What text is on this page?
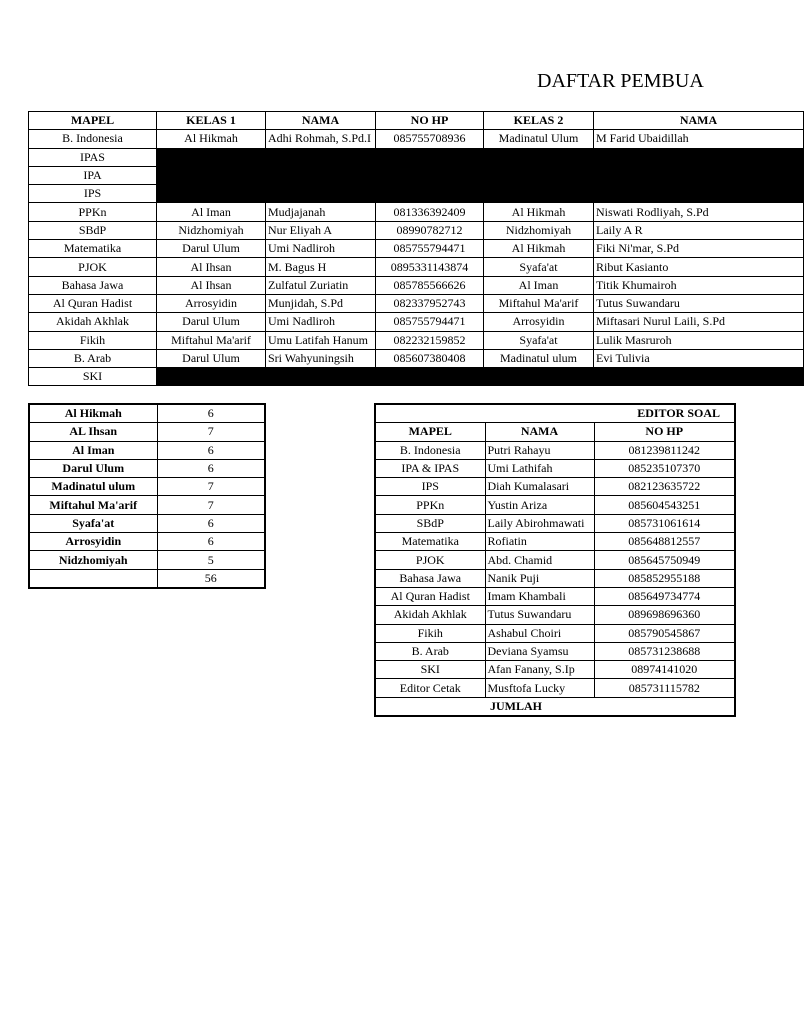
DAFTAR PEMBUA
MAPEL	KELAS 1	NAMA	NO HP	KELAS 2	NAMA
B. Indonesia	Al Hikmah	Adhi Rohmah, S.Pd.I	085755708936	Madinatul Ulum	M Farid Ubaidillah
IPAS					
IPA					
IPS					
PPKn	Al Iman	Mudjajanah	081336392409	Al Hikmah	Niswati Rodliyah, S.Pd
SBdP	Nidzhomiyah	Nur Eliyah A	08990782712	Nidzhomiyah	Laily A R
Matematika	Darul Ulum	Umi Nadliroh	085755794471	Al Hikmah	Fiki Ni'mar, S.Pd
PJOK	Al Ihsan	M. Bagus H	0895331143874	Syafa'at	Ribut Kasianto
Bahasa Jawa	Al Ihsan	Zulfatul Zuriatin	085785566626	Al Iman	Titik Khumairoh
Al Quran Hadist	Arrosyidin	Munjidah, S.Pd	082337952743	Miftahul Ma'arif	Tutus Suwandaru
Akidah Akhlak	Darul Ulum	Umi Nadliroh	085755794471	Arrosyidin	Miftasari Nurul Laili, S.Pd
Fikih	Miftahul Ma'arif	Umu Latifah Hanum	082232159852	Syafa'at	Lulik Masruroh
B. Arab	Darul Ulum	Sri Wahyuningsih	085607380408	Madinatul ulum	Evi Tulivia
SKI					
Al Hikmah	6
AL Ihsan	7
Al Iman	6
Darul Ulum	6
Madinatul ulum	7
Miftahul Ma'arif	7
Syafa'at	6
Arrosyidin	6
Nidzhomiyah	5
	56
EDITOR SOAL		
MAPEL	NAMA	NO HP
B. Indonesia	Putri Rahayu	081239811242
IPA & IPAS	Umi Lathifah	085235107370
IPS	Diah Kumalasari	082123635722
PPKn	Yustin Ariza	085604543251
SBdP	Laily Abirohmawati	085731061614
Matematika	Rofiatin	085648812557
PJOK	Abd. Chamid	085645750949
Bahasa Jawa	Nanik Puji	085852955188
Al Quran Hadist	Imam Khambali	085649734774
Akidah Akhlak	Tutus Suwandaru	089698696360
Fikih	Ashabul Choiri	085790545867
B. Arab	Deviana Syamsu	085731238688
SKI	Afan Fanany, S.Ip	08974141020
Editor Cetak	Musftofa Lucky	085731115782
JUMLAH		
